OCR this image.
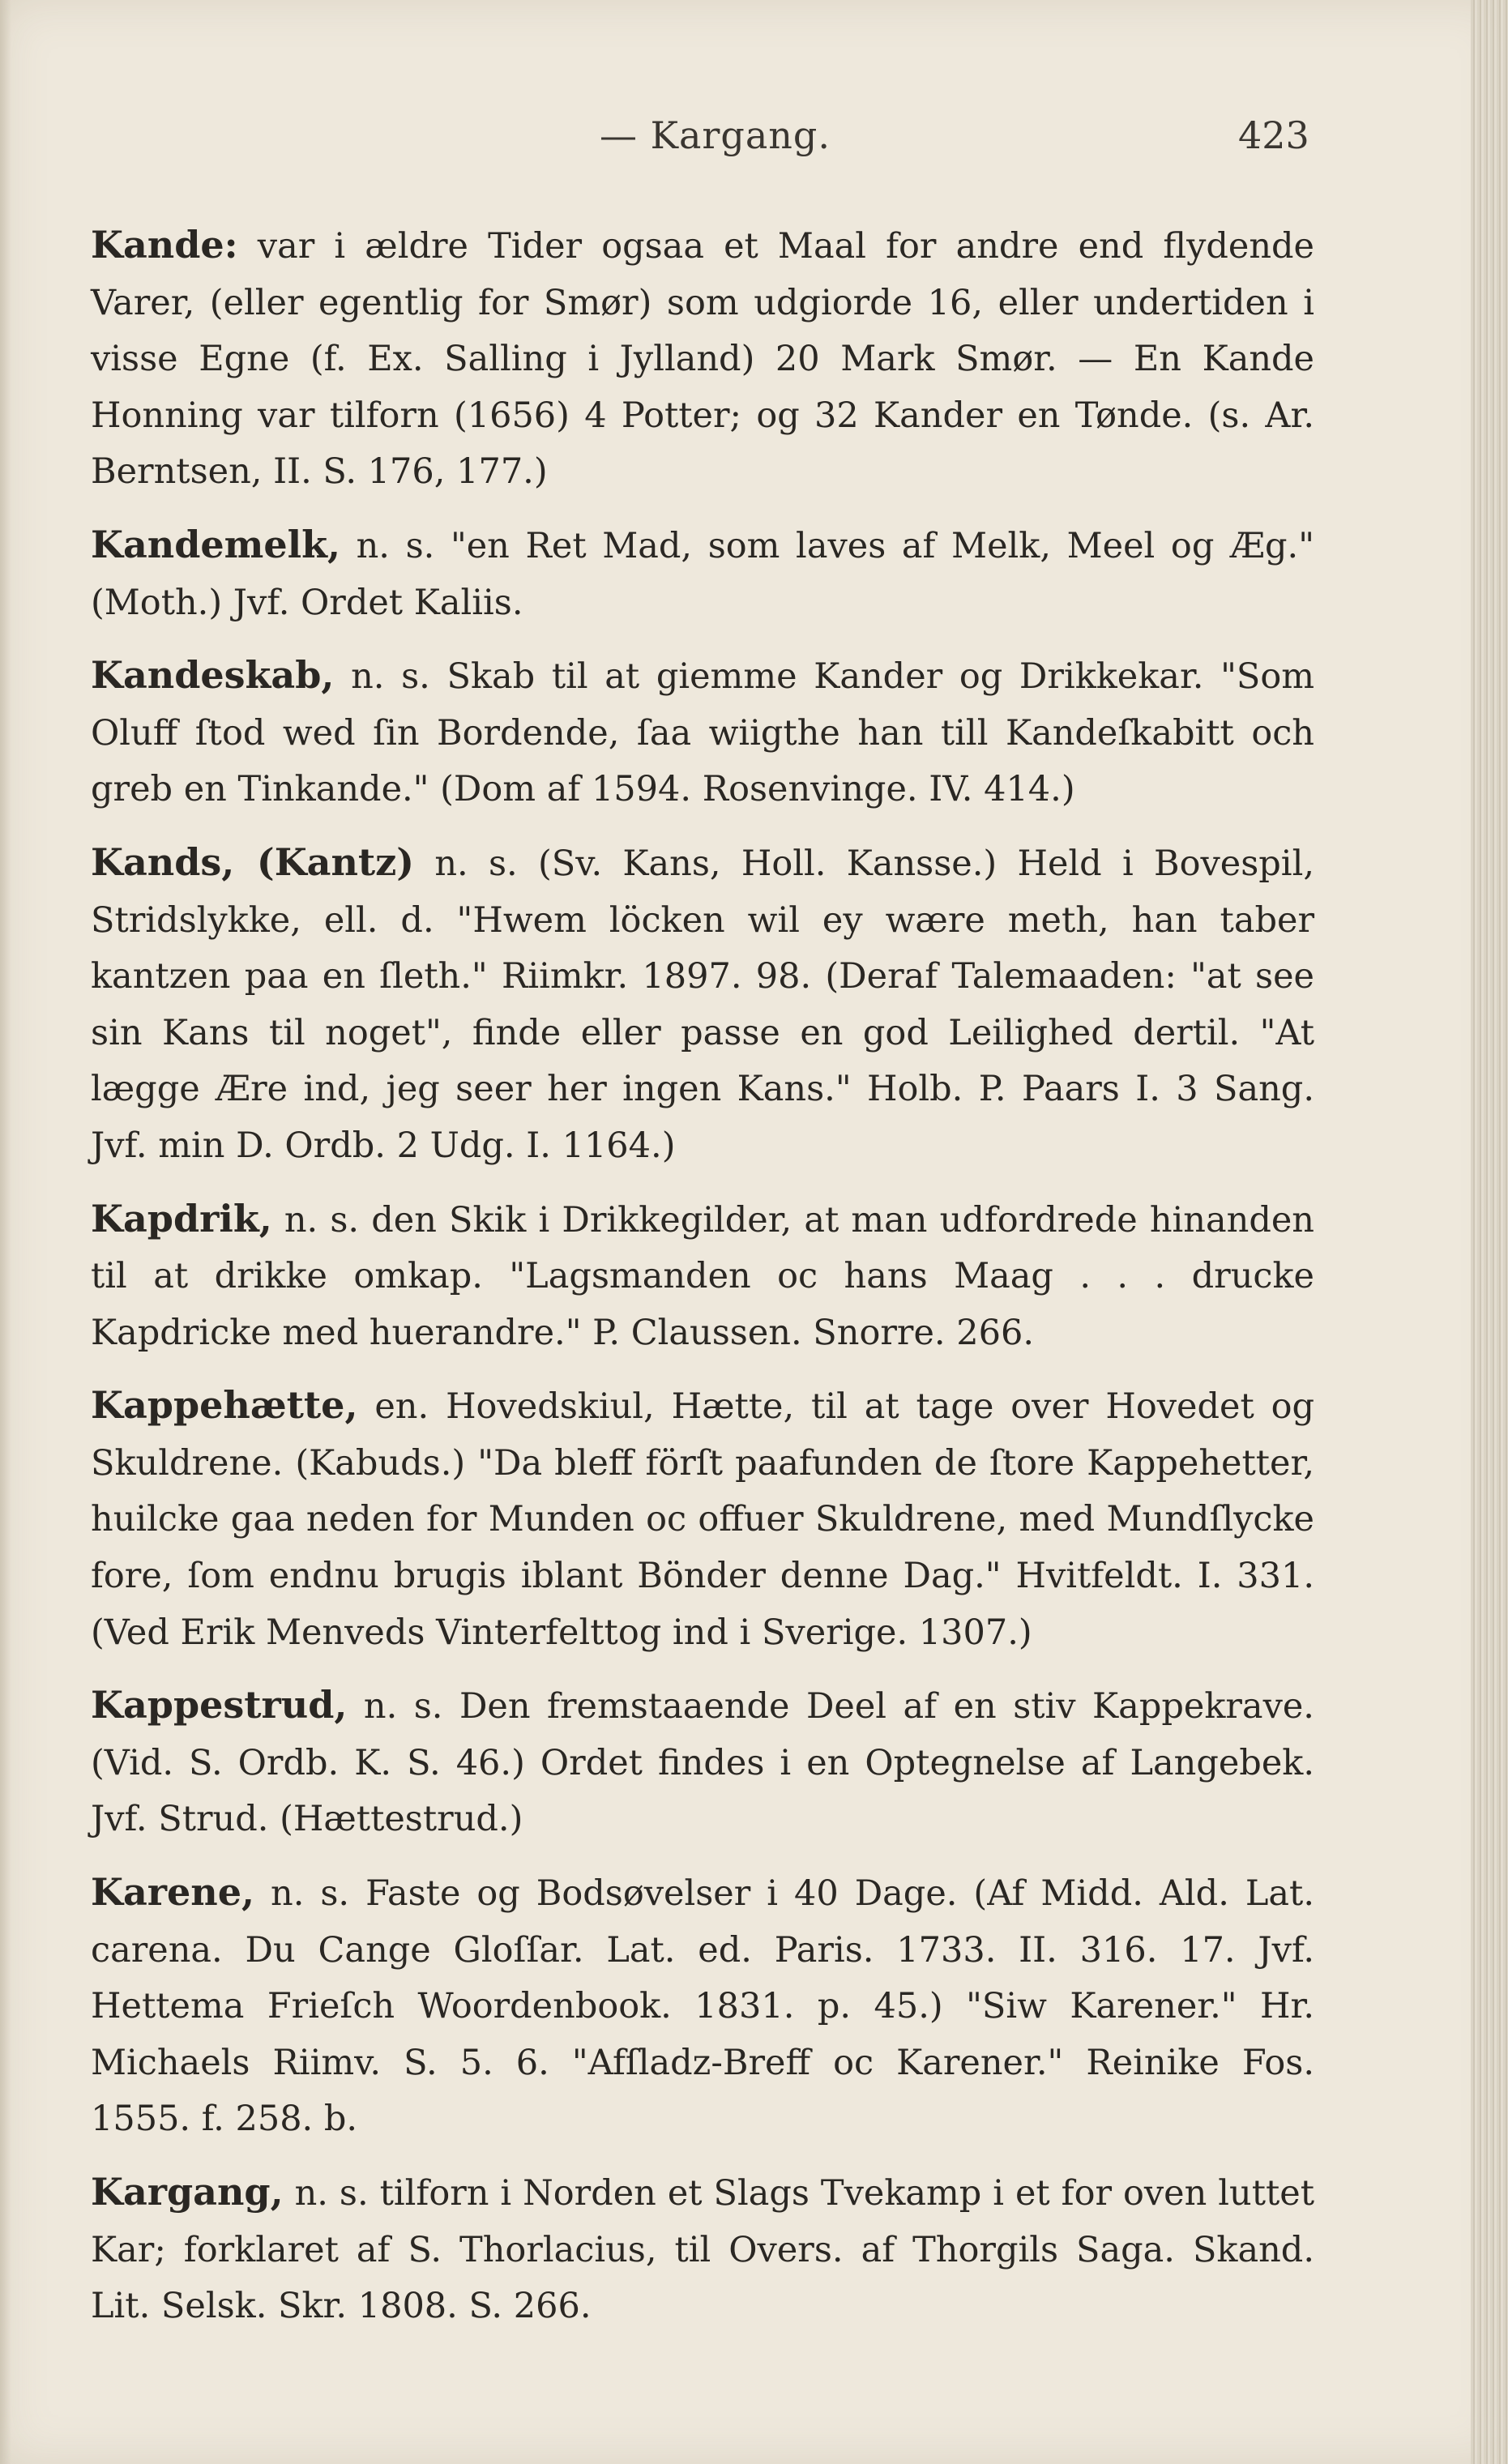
— Kargang.	423

Kande: var i ældre Tider ogsaa et Maal for andre end flydende Varer, (eller egentlig for Smør) som udgiorde 16, eller undertiden i visse Egne (f. Ex. Salling i Jylland) 20 Mark Smør. — En Kande Honning var tilforn (1656) 4 Potter; og 32 Kander en Tønde. (s. Ar. Berntsen, II. S. 176, 177.)

Kandemelk, n. s. "en Ret Mad, som laves af Melk, Meel og Æg." (Moth.) Jvf. Ordet Kaliis.

Kandeskab, n. s. Skab til at giemme Kander og Drikkekar. "Som Oluff ſtod wed ſin Bordende, ſaa wiigthe han till Kandeſkabitt och greb en Tinkande." (Dom af 1594. Rosenvinge. IV. 414.)

Kands, (Kantz) n. s. (Sv. Kans, Holl. Kansse.) Held i Bovespil, Stridslykke, ell. d. "Hwem löcken wil ey wære meth, han taber kantzen paa en ſleth." Riimkr. 1897. 98. (Deraf Talemaaden: "at see sin Kans til noget", finde eller passe en god Leilighed dertil. "At lægge Ære ind, jeg seer her ingen Kans." Holb. P. Paars I. 3 Sang. Jvf. min D. Ordb. 2 Udg. I. 1164.)

Kapdrik, n. s. den Skik i Drikkegilder, at man udfordrede hinanden til at drikke omkap. "Lagsmanden oc hans Maag . . . drucke Kapdricke med huerandre." P. Claussen. Snorre. 266.

Kappehætte, en. Hovedskiul, Hætte, til at tage over Hovedet og Skuldrene. (Kabuds.) "Da bleff förſt paafunden de ſtore Kappehetter, huilcke gaa neden for Munden oc offuer Skuldrene, med Mundſlycke fore, ſom endnu brugis iblant Bönder denne Dag." Hvitfeldt. I. 331. (Ved Erik Menveds Vinterfelttog ind i Sverige. 1307.)

Kappestrud, n. s. Den fremstaaende Deel af en stiv Kappekrave. (Vid. S. Ordb. K. S. 46.) Ordet findes i en Optegnelse af Langebek. Jvf. Strud. (Hættestrud.)

Karene, n. s. Faste og Bodsøvelser i 40 Dage. (Af Midd. Ald. Lat. carena. Du Cange Gloſſar. Lat. ed. Paris. 1733. II. 316. 17. Jvf. Hettema Frieſch Woordenbook. 1831. p. 45.) "Siw Karener." Hr. Michaels Riimv. S. 5. 6. "Afſladz-Breff oc Karener." Reinike Fos. 1555. f. 258. b.

Kargang, n. s. tilforn i Norden et Slags Tvekamp i et for oven luttet Kar; forklaret af S. Thorlacius, til Overs. af Thorgils Saga. Skand. Lit. Selsk. Skr. 1808. S. 266.
